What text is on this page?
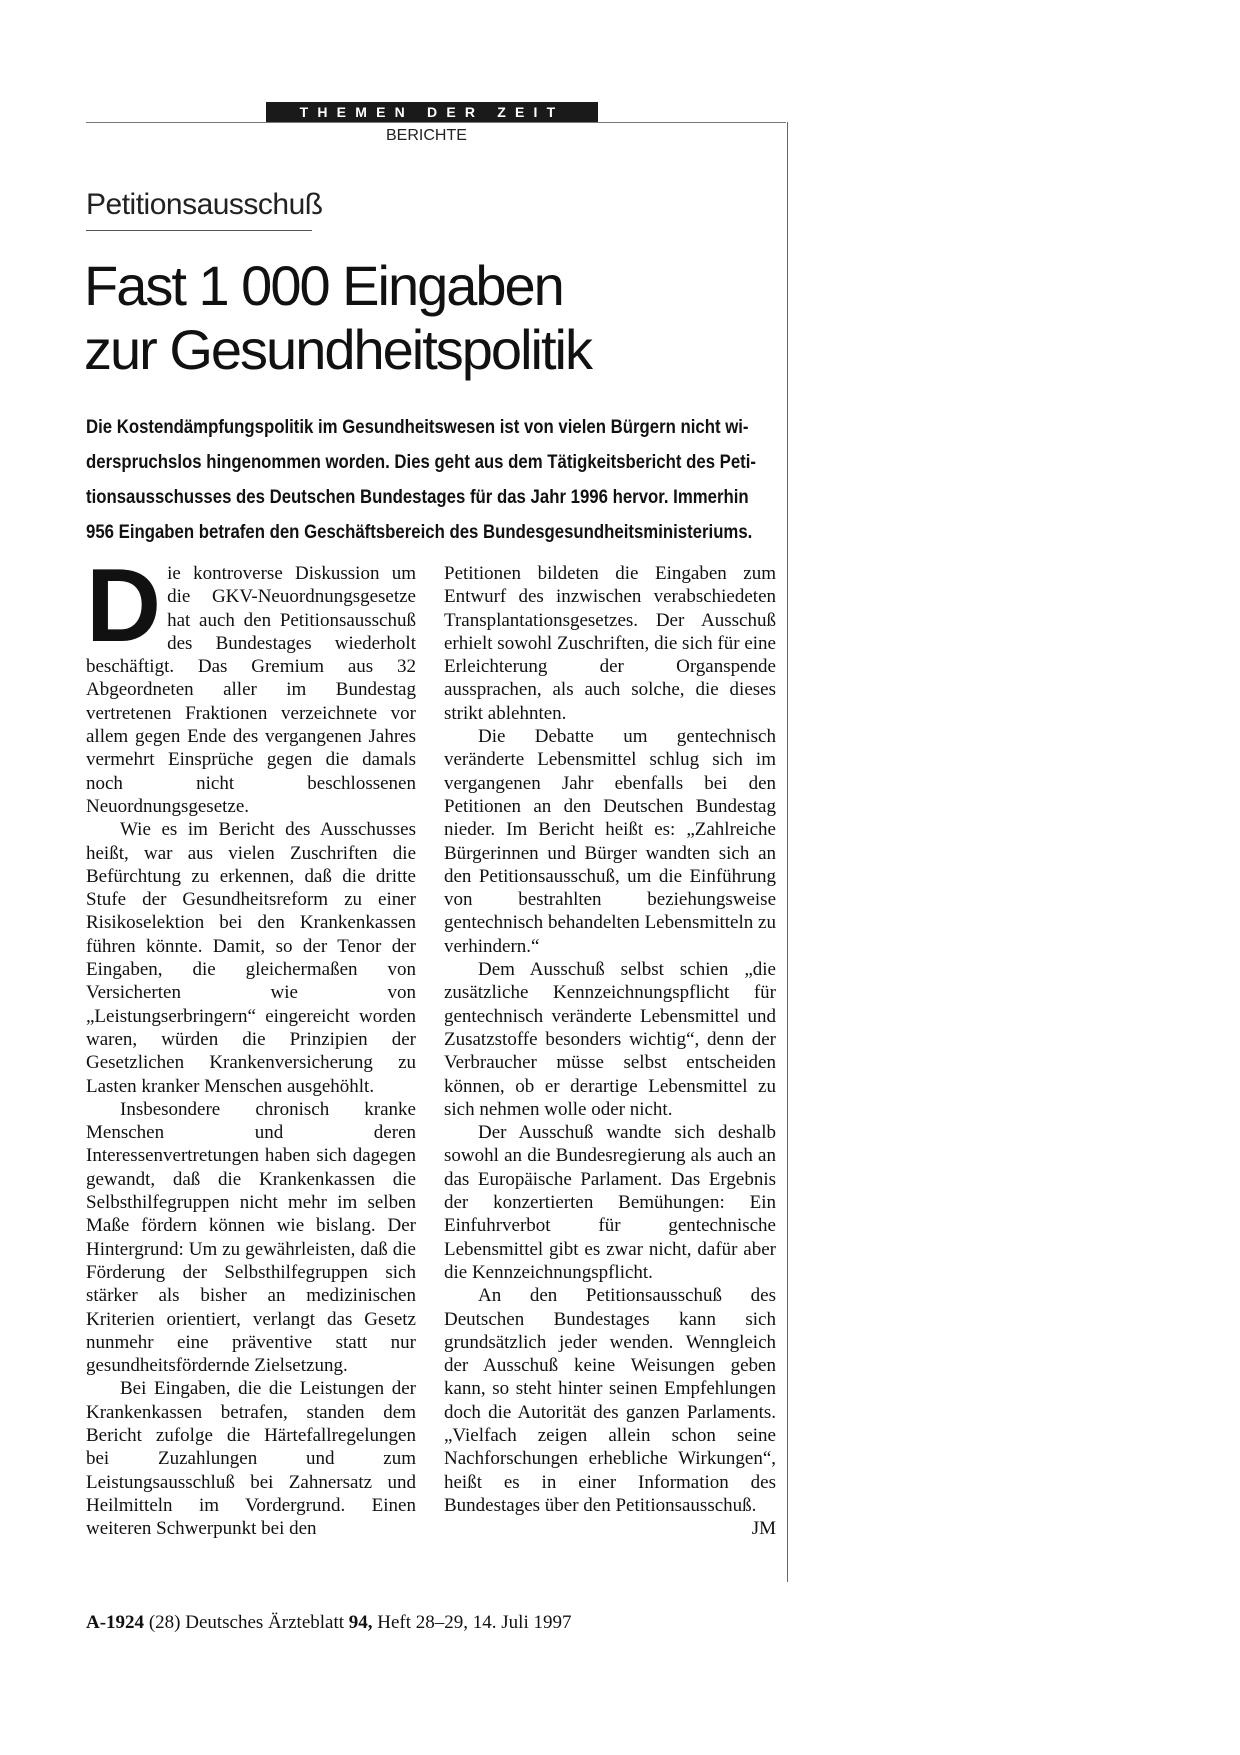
THEMEN DER ZEIT
BERICHTE
Petitionsausschuß
Fast 1 000 Eingaben
zur Gesundheitspolitik
Die Kostendämpfungspolitik im Gesundheitswesen ist von vielen Bürgern nicht wi-
derspruchslos hingenommen worden. Dies geht aus dem Tätigkeitsbericht des Peti-
tionsausschusses des Deutschen Bundestages für das Jahr 1996 hervor. Immerhin
956 Eingaben betrafen den Geschäftsbereich des Bundesgesundheitsministeriums.

Die kontroverse Diskussion um die GKV-Neuordnungsgesetze hat auch den Petitionsausschuß des Bundestages wiederholt beschäftigt. Das Gremium aus 32 Abgeordneten aller im Bundestag vertretenen Fraktionen verzeichnete vor allem gegen Ende des vergangenen Jahres vermehrt Einsprüche gegen die damals noch nicht beschlossenen Neuordnungsgesetze.

Wie es im Bericht des Ausschusses heißt, war aus vielen Zuschriften die Befürchtung zu erkennen, daß die dritte Stufe der Gesundheitsreform zu einer Risikoselektion bei den Krankenkassen führen könnte. Damit, so der Tenor der Eingaben, die gleichermaßen von Versicherten wie von „Leistungserbringern“ eingereicht worden waren, würden die Prinzipien der Gesetzlichen Krankenversicherung zu Lasten kranker Menschen ausgehöhlt.

Insbesondere chronisch kranke Menschen und deren Interessenvertretungen haben sich dagegen gewandt, daß die Krankenkassen die Selbsthilfegruppen nicht mehr im selben Maße fördern können wie bislang. Der Hintergrund: Um zu gewährleisten, daß die Förderung der Selbsthilfegruppen sich stärker als bisher an medizinischen Kriterien orientiert, verlangt das Gesetz nunmehr eine präventive statt nur gesundheitsfördernde Zielsetzung.

Bei Eingaben, die die Leistungen der Krankenkassen betrafen, standen dem Bericht zufolge die Härtefallregelungen bei Zuzahlungen und zum Leistungsausschluß bei Zahnersatz und Heilmitteln im Vordergrund. Einen weiteren Schwerpunkt bei den

Petitionen bildeten die Eingaben zum Entwurf des inzwischen verabschiedeten Transplantationsgesetzes. Der Ausschuß erhielt sowohl Zuschriften, die sich für eine Erleichterung der Organspende aussprachen, als auch solche, die dieses strikt ablehnten.

Die Debatte um gentechnisch veränderte Lebensmittel schlug sich im vergangenen Jahr ebenfalls bei den Petitionen an den Deutschen Bundestag nieder. Im Bericht heißt es: „Zahlreiche Bürgerinnen und Bürger wandten sich an den Petitionsausschuß, um die Einführung von bestrahlten beziehungsweise gentechnisch behandelten Lebensmitteln zu verhindern.“

Dem Ausschuß selbst schien „die zusätzliche Kennzeichnungspflicht für gentechnisch veränderte Lebensmittel und Zusatzstoffe besonders wichtig“, denn der Verbraucher müsse selbst entscheiden können, ob er derartige Lebensmittel zu sich nehmen wolle oder nicht.

Der Ausschuß wandte sich deshalb sowohl an die Bundesregierung als auch an das Europäische Parlament. Das Ergebnis der konzertierten Bemühungen: Ein Einfuhrverbot für gentechnische Lebensmittel gibt es zwar nicht, dafür aber die Kennzeichnungspflicht.

An den Petitionsausschuß des Deutschen Bundestages kann sich grundsätzlich jeder wenden. Wenngleich der Ausschuß keine Weisungen geben kann, so steht hinter seinen Empfehlungen doch die Autorität des ganzen Parlaments. „Vielfach zeigen allein schon seine Nachforschungen erhebliche Wirkungen“, heißt es in einer Information des Bundestages über den Petitionsausschuß.
JM

A-1924 (28) Deutsches Ärzteblatt 94, Heft 28–29, 14. Juli 1997
